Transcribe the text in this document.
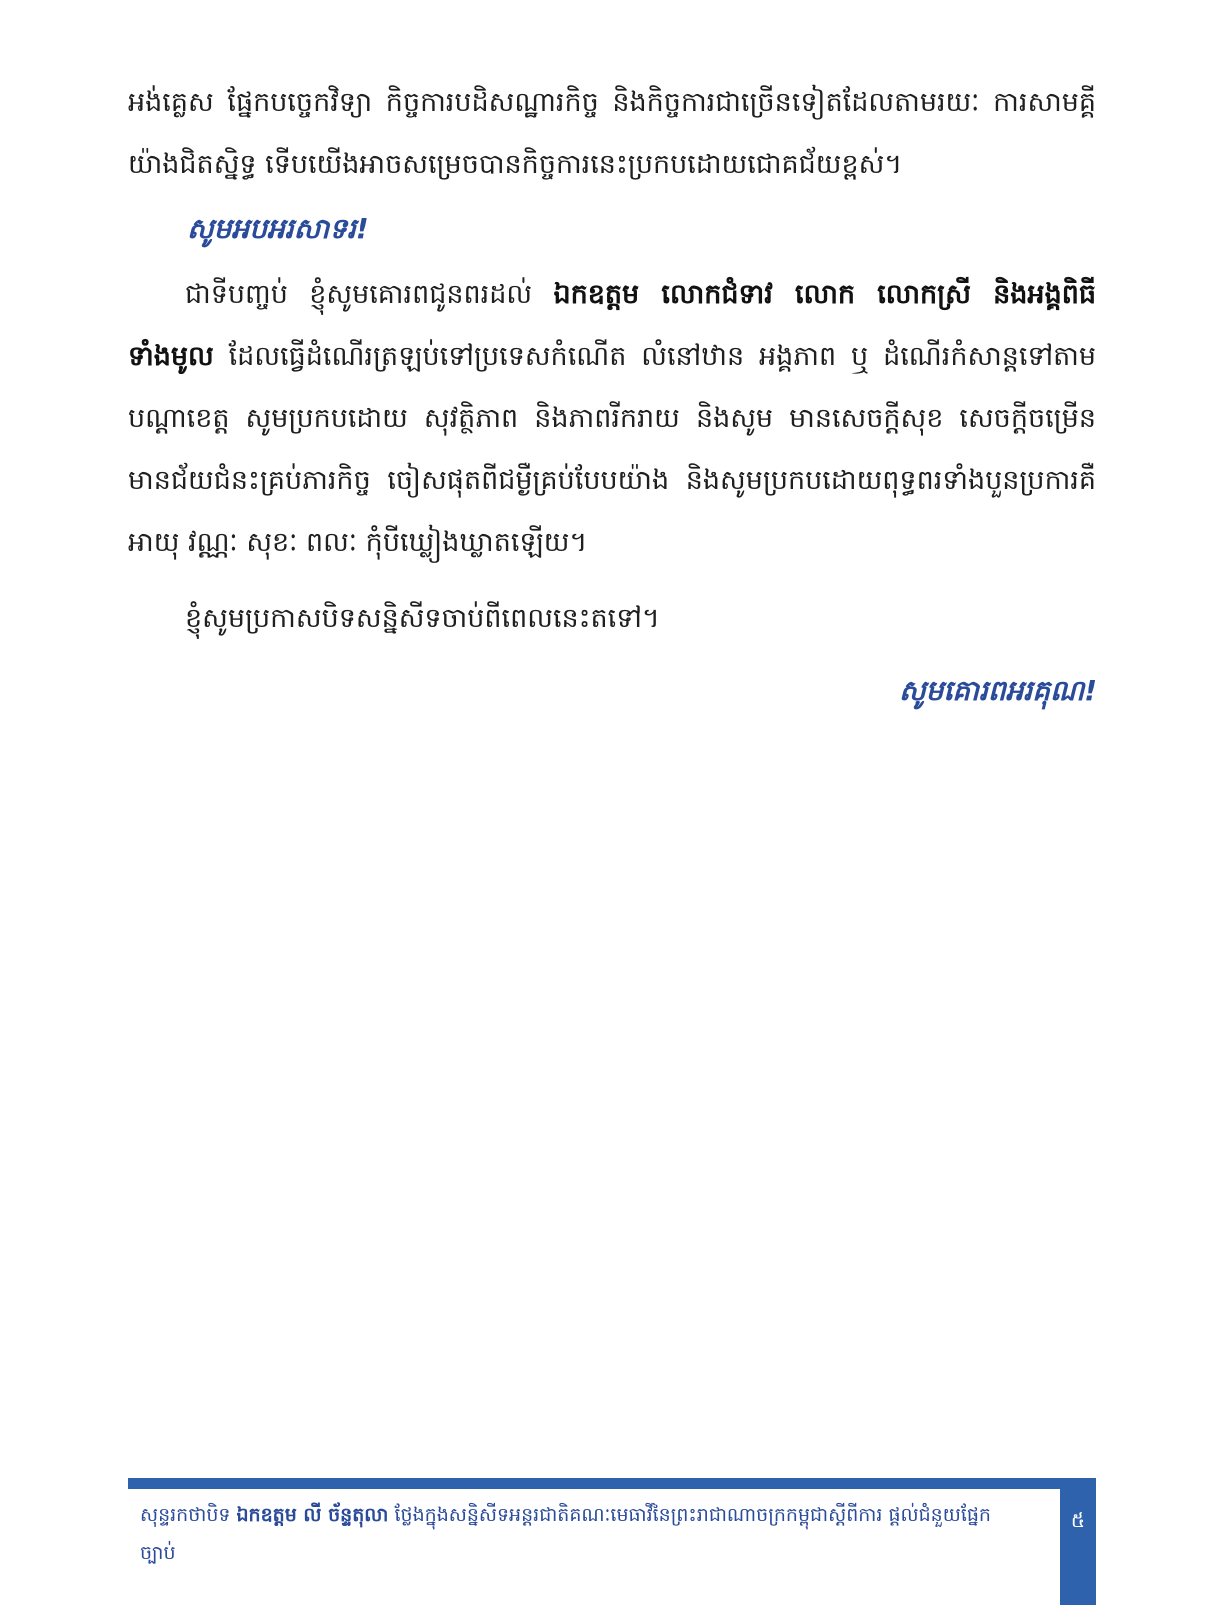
អង់គ្លេស ផ្នែកបច្ចេកវិទ្យា កិច្ចការបដិសណ្ឋារកិច្ច និងកិច្ចការជាច្រើនទៀតដែលតាមរយៈ ការសាមគ្គីយ៉ាងជិតស្និទ្ធ ទើបយើងអាចសម្រេចបានកិច្ចការនេះប្រកបដោយជោគជ័យខ្ពស់។

សូមអបអរសាទរ!

ជាទីបញ្ចប់ ខ្ញុំសូមគោរពជូនពរដល់ ឯកឧត្តម លោកជំទាវ លោក លោកស្រី និងអង្គពិធីទាំងមូល ដែលធ្វើដំណើរត្រឡប់ទៅប្រទេសកំណើត លំនៅឋាន អង្គភាព ឬ ដំណើរកំសាន្តទៅតាមបណ្តាខេត្ត សូមប្រកបដោយ សុវត្ថិភាព និងភាពរីករាយ និងសូម មានសេចក្តីសុខ សេចក្តីចម្រើន មានជ័យជំនះគ្រប់ភារកិច្ច ចៀសផុតពីជម្ងឺគ្រប់បែបយ៉ាង និងសូមប្រកបដោយពុទ្ធពរទាំងបួនប្រការគឺ អាយុ វណ្ណៈ សុខៈ ពលៈ កុំបីឃ្លៀងឃ្លាតឡើយ។

ខ្ញុំសូមប្រកាសបិទសន្និសីទចាប់ពីពេលនេះតទៅ។

សូមគោរពអរគុណ!
សុន្ទរកថាបិទ ឯកឧត្តម លី ច័ន្ទតុលា ថ្លែងក្នុងសន្និសីទអន្តរជាតិគណៈមេធាវីនៃព្រះរាជាណាចក្រកម្ពុជាស្តីពីការ ផ្តល់ជំនួយផ្នែកច្បាប់
៥
